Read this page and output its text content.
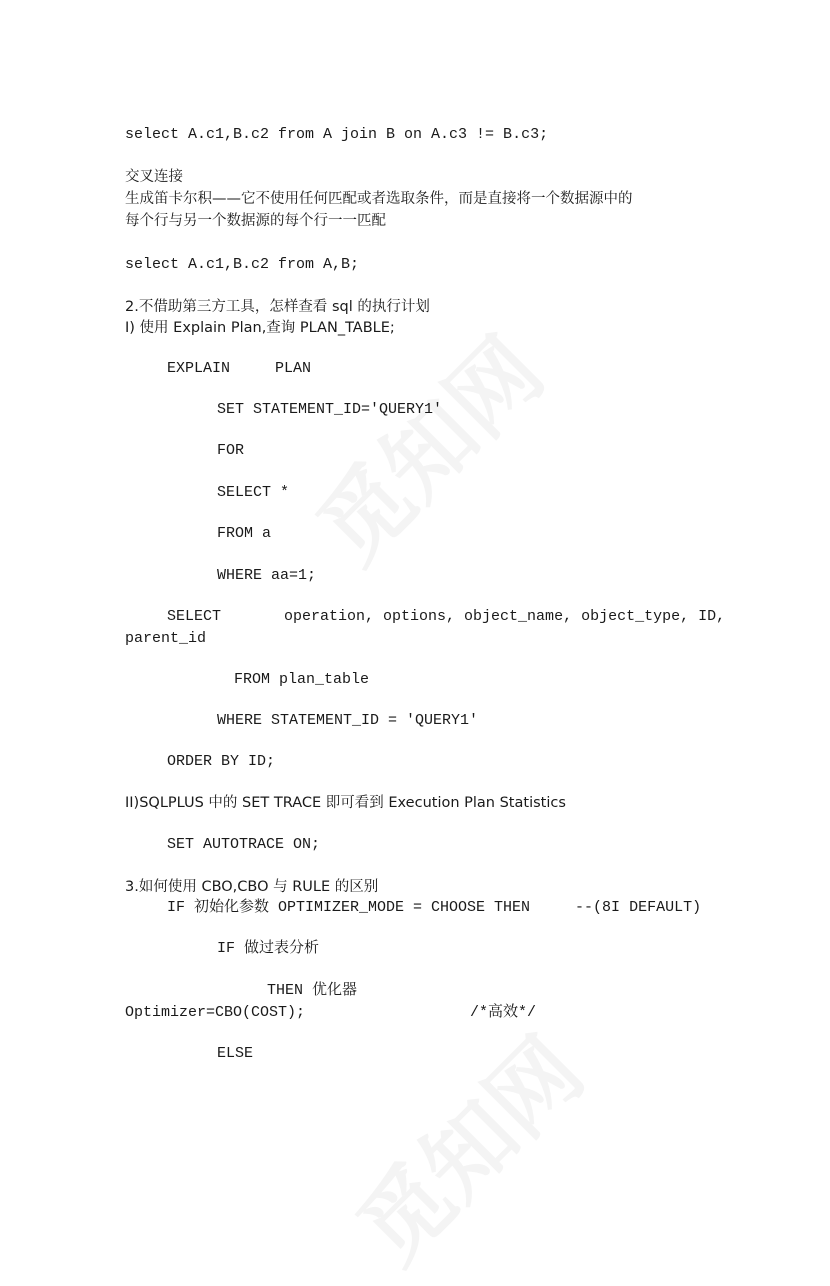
select A.c1,B.c2 from A join B on A.c3 != B.c3;

交叉连接

生成笛卡尔积——它不使用任何匹配或者选取条件，而是直接将一个数据源中的

每个行与另一个数据源的每个行一一匹配

select A.c1,B.c2 from A,B;

2.不借助第三方工具，怎样查看 sql 的执行计划

I) 使用 Explain Plan,查询 PLAN_TABLE;

EXPLAIN     PLAN

SET STATEMENT_ID='QUERY1'

FOR

SELECT *

FROM a

WHERE aa=1;

SELECT       operation, options, object_name, object_type, ID,

parent_id

FROM plan_table

WHERE STATEMENT_ID = 'QUERY1'

ORDER BY ID;

II)SQLPLUS 中的 SET TRACE 即可看到 Execution Plan Statistics

SET AUTOTRACE ON;

3.如何使用 CBO,CBO 与 RULE 的区别

IF 初始化参数 OPTIMIZER_MODE = CHOOSE THEN     --(8I DEFAULT)

IF 做过表分析

THEN 优化器

Optimizer=CBO(COST);	/*高效*/

ELSE
